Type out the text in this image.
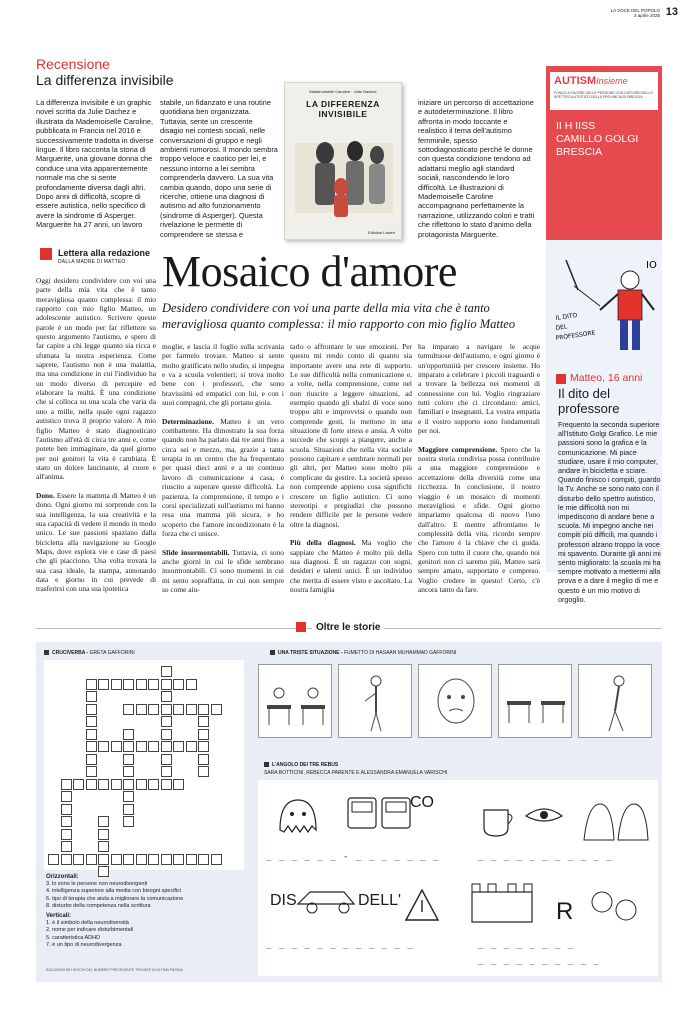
LA VOCE DEL POPOLO
3 aprile 2025 13
Recensione
La differenza invisibile
La differenza invisibile è un graphic novel scritta da Julie Dachez e illustrata da Mademoiselle Caroline, pubblicata in Francia nel 2016 e successivamente tradotta in diverse lingue. Il libro racconta la storia di Marguerite, una giovane donna che conduce una vita apparentemente normale ma che si sente profondamente diversa dagli altri. Dopo anni di difficoltà, scopre di essere autistica, nello specifico di avere la sindrome di Asperger. Marguerite ha 27 anni, un lavoro
stabile, un fidanzato e una routine quotidiana ben organizzata. Tuttavia, sente un crescente disagio nei contesti sociali, nelle conversazioni di gruppo e negli ambienti rumorosi. Il mondo sembra troppo veloce e caotico per lei, e nessuno intorno a lei sembra comprenderla davvero. La sua vita cambia quando, dopo una serie di ricerche, ottiene una diagnosi di autismo ad alto funzionamento (sindrome di Asperger). Questa rivelazione le permette di comprendere se stessa e
Mademoiselle Caroline · Julie Dachez
LA DIFFERENZA INVISIBILE
Edizioni Lavieri
iniziare un percorso di accettazione e autodeterminazione. Il libro affronta in modo toccante e realistico il tema dell'autismo femminile, spesso sottodiagnosticato perché le donne con questa condizione tendono ad adattarsi meglio agli standard sociali, nascondendo le loro difficoltà. Le illustrazioni di Mademoiselle Caroline accompagnano perfettamente la narrazione, utilizzando colori e tratti che riflettono lo stato d'animo della protagonista Marguerite.
AUTISMInsieme
FONDO A FAVORE DELLE PERSONE CON DISTURBI DELLO SPETTRO AUTISTICO DELLA PROVINCIA DI BRESCIA
II H IISS
CAMILLO GOLGI
BRESCIA
Lettera alla redazione
DALLA MADRE DI MATTEO Mosaico d'amore
Desidero condividere con voi una parte della mia vita che è tanto meravigliosa quanto complessa: il mio rapporto con mio figlio Matteo
Oggi desidero condividere con voi una parte della mia vita che è tanto meravigliosa quanto complessa: il mio rapporto con mio figlio Matteo, un adolescente autistico. Scrivere queste parole è un modo per far riflettere su questo argomento l'autismo, e spero di far capire a chi legge quanto sia ricca e sfumata la nostra esperienza. Come saprete, l'autismo non è una malattia, ma una condizione in cui l'individuo ha un modo diverso di percepire ed elaborare la realtà. È una condizione che si colloca su una scala che varia da uno a mille, nella quale ogni ragazzo autistico trova il proprio valore. A mio figlio Matteo è stato diagnosticato l'autismo all'età di circa tre anni e, come potete ben immaginare, da quel giorno per noi genitori la vita è cambiata. È stato un dolore lancinante, al cuore e all'anima.

Dono. Essere la mamma di Matteo è un dono. Ogni giorno mi sorprende con la sua intelligenza, la sua creatività e la sua capacità di vedere il mondo in modo unico. Le sue passioni spaziano dalla bicicletta alla navigazione su Google Maps, dove esplora vie e case di paesi che gli piacciono. Una volta trovata la sua casa ideale, la stampa, annotando data e giorno in cui prevede di trasferirsi con una sua ipotetica
moglie, e lascia il foglio sulla scrivania per farmelo trovare. Matteo si sente molto gratificato nello studio, si impegna e va a scuola volentieri; si trova molto bene con i professori, che sono bravissimi ed empatici con lui, e con i suoi compagni, che gli portano gioia.

Determinazione. Matteo è un vero combattente. Ha dimostrato la sua forza quando non ha parlato dai tre anni fino a circa sei e mezzo, ma, grazie a tanta terapia in un centro che ha frequentato per quasi dieci anni e a un continuo lavoro di comunicazione a casa, è riuscito a superare queste difficoltà. La pazienza, la comprensione, il tempo e i corsi specializzati sull'autismo mi hanno resa una mamma più sicura, e ho scoperto che l'amore incondizionato è la forza che ci unisce.

Sfide insormontabili. Tuttavia, ci sono anche giorni in cui le sfide sembrano insormontabili. Ci sono momenti in cui mi sento sopraffatta, in cui non sempre so come aiu-
tarlo o affrontare le sue emozioni. Per questo mi rendo conto di quanto sia importante avere una rete di supporto. Le sue difficoltà nella comunicazione e, a volte, nella comprensione, come nel non riuscire a leggere situazioni, ad esempio quando gli sbalzi di voce sono troppo alti e improvvisi o quando non comprende gesti, lo mettono in una situazione di forte stress e ansia. A volte succede che scoppi a piangere, anche a scuola. Situazioni che nella vita sociale possono capitare e sembrare normali per gli altri, per Matteo sono molto più complicate da gestire. La società spesso non comprende appieno cosa significhi crescere un figlio autistico. Ci sono stereotipi e pregiudizi che possono rendere difficile per le persone vedere oltre la diagnosi.

Più della diagnosi. Ma voglio che sappiate che Matteo è molto più della sua diagnosi. È un ragazzo con sogni, desideri e talenti unici. È un individuo che merita di essere visto e ascoltato. La nostra famiglia
ha imparato a navigare le acque tumultuose dell'autismo, e ogni giorno è un'opportunità per crescere insieme. Ho imparato a celebrare i piccoli traguardi e a trovare la bellezza nei momenti di connessione con lui. Voglio ringraziare tutti coloro che ci circondano: amici, familiari e insegnanti. La vostra empatia e il vostro supporto sono fondamentali per noi.

Maggiore comprensione. Spero che la nostra storia condivisa possa contribuire a una maggiore comprensione e accettazione della diversità come una ricchezza. In conclusione, il nostro viaggio è un mosaico di momenti meravigliosi e sfide. Ogni giorno impariamo qualcosa di nuovo l'uno dall'altro. E mentre affrontiamo le complessità della vita, ricordo sempre che l'amore è la chiave che ci guida. Spero con tutto il cuore che, quando noi genitori non ci saremo più, Matteo sarà sempre amato, supportato e compreso. Voglio credere in questo! Certo, c'è ancora tanto da fare.
IO
IL DITO
DEL
PROFESSORE
Matteo, 16 anni
Il dito del professore
Frequento la seconda superiore all'Istituto Golgi Grafico. Le mie passioni sono la grafica e la comunicazione. Mi piace studiare, usare il mio computer, andare in bicicletta e sciare. Quando finisco i compiti, guardo la Tv. Anche se sono nato con il disturbo dello spettro autistico, le mie difficoltà non mi impediscono di andare bene a scuola. Mi impegno anche nei compiti più difficili, ma quando i professori alzano troppo la voce mi spavento. Durante gli anni mi sento migliorato: la scuola mi ha sempre motivato a mettermi alla prova e a dare il meglio di me e questo è un mio motivo di orgoglio.
Oltre le storie
CRUCIVERBA - GRETA GAFFORINI
Orizzontali:
3. lo sono le persone non neurodivergenti
4. intelligenza superiore alla media con bisogni specifici
6. tipo di terapia che aiuta a migliorare la comunicazione
8. disturbo della competenza nella scrittura
Verticali:
1. è il simbolo della neurodiversità
2. nome per indicare disturbimentali
5. caratteristica ADHD
7. è un tipo di neurodivergenza
SOLUZIONI DEI GIOCHI DEL NUMERO PRECEDENTE TROVATE IN ULTIMA PAGINA
UNA TRISTE SITUAZIONE - FUMETTO DI HASAAN MUHAMMAD GAFFORINI
L'ANGOLO DEI TRE REBUS
SARA BOTTICINI, REBECCA PARENTE E ALESSANDRA EMANUELA VARISCHI
CO
DIS	DELL'	R
_ _ _ _ _ _ - _ _ _ _ _ _ _	_ _ _ _ _ _ _ _ _ _ _
_ _ _ _ _ _ _ _ _ _ _ _	_ _ _ _ _ _ _ _
_ _ _ _ _ _ _ _ _ _
